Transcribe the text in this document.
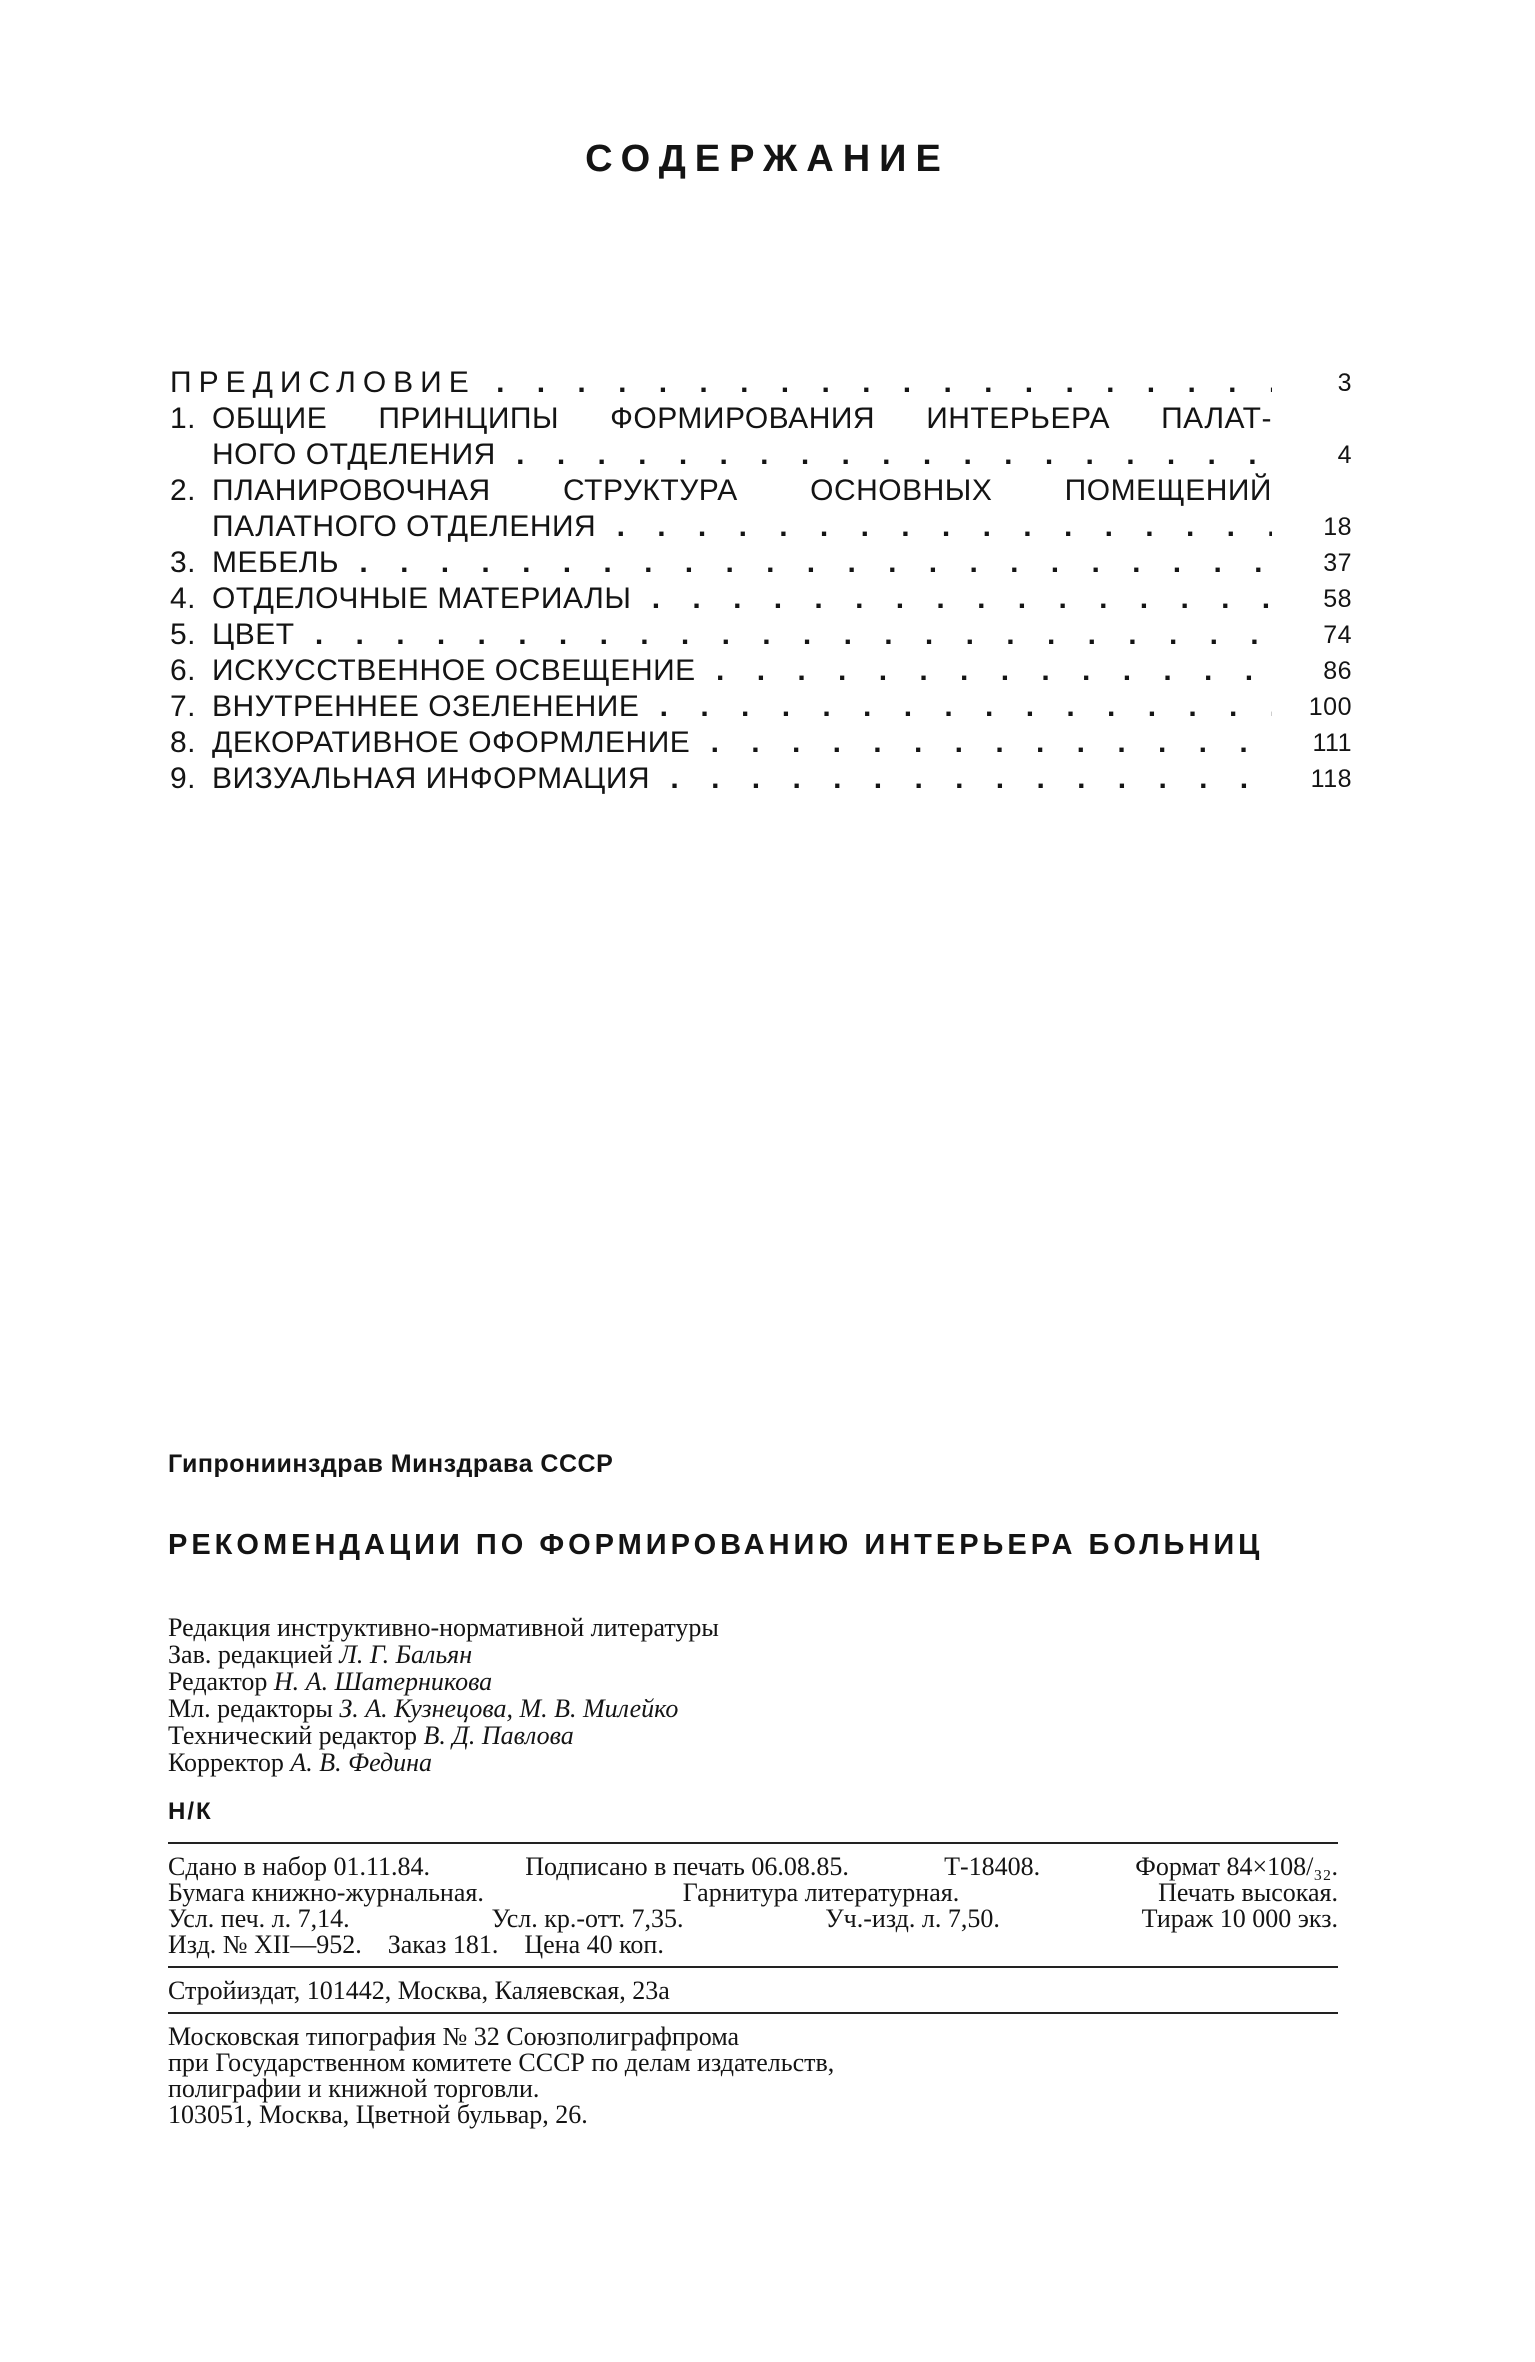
СОДЕРЖАНИЕ
ПРЕДИСЛОВИЕ . . .	3
1. ОБЩИЕ ПРИНЦИПЫ ФОРМИРОВАНИЯ ИНТЕРЬЕРА ПАЛАТ-
НОГО ОТДЕЛЕНИЯ . . .	4
2. ПЛАНИРОВОЧНАЯ СТРУКТУРА ОСНОВНЫХ ПОМЕЩЕНИЙ
ПАЛАТНОГО ОТДЕЛЕНИЯ . . .	18
3. МЕБЕЛЬ . . .	37
4. ОТДЕЛОЧНЫЕ МАТЕРИАЛЫ . . .	58
5. ЦВЕТ . . .	74
6. ИСКУССТВЕННОЕ ОСВЕЩЕНИЕ . . .	86
7. ВНУТРЕННЕЕ ОЗЕЛЕНЕНИЕ . . .	100
8. ДЕКОРАТИВНОЕ ОФОРМЛЕНИЕ . . .	111
9. ВИЗУАЛЬНАЯ ИНФОРМАЦИЯ . . .	118
Гипрониинздрав Минздрава СССР
РЕКОМЕНДАЦИИ ПО ФОРМИРОВАНИЮ ИНТЕРЬЕРА БОЛЬНИЦ
Редакция инструктивно-нормативной литературы
Зав. редакцией Л. Г. Бальян
Редактор Н. А. Шатерникова
Мл. редакторы З. А. Кузнецова, М. В. Милейко
Технический редактор В. Д. Павлова
Корректор А. В. Федина
Н/К
Сдано в набор 01.11.84.	Подписано в печать 06.08.85.	Т-18408.	Формат 84×108/₃₂.
Бумага книжно-журнальная.	Гарнитура литературная.	Печать высокая.
Усл. печ. л. 7,14.	Усл. кр.-отт. 7,35.	Уч.-изд. л. 7,50.	Тираж 10 000 экз.
Изд. № XII—952. Заказ 181. Цена 40 коп.
Стройиздат, 101442, Москва, Каляевская, 23а
Московская типография № 32 Союзполиграфпрома
при Государственном комитете СССР по делам издательств,
полиграфии и книжной торговли.
103051, Москва, Цветной бульвар, 26.
